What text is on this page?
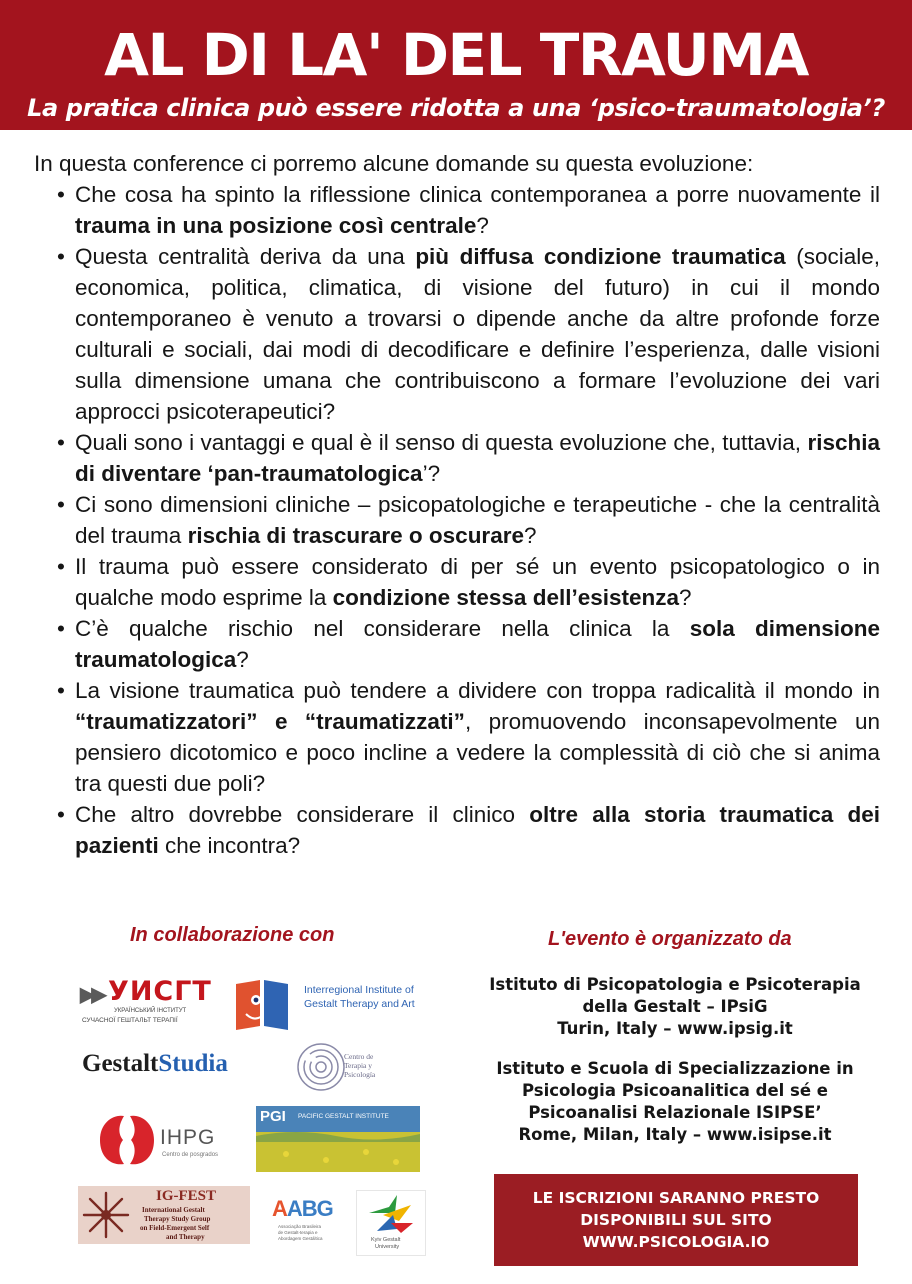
AL DI LA' DEL TRAUMA
La pratica clinica può essere ridotta a una ‘psico-traumatologia’?

In questa conference ci porremo alcune domande su questa evoluzione:

• Che cosa ha spinto la riflessione clinica contemporanea a porre nuovamente il trauma in una posizione così centrale?
• Questa centralità deriva da una più diffusa condizione traumatica (sociale, economica, politica, climatica, di visione del futuro) in cui il mondo contemporaneo è venuto a trovarsi o dipende anche da altre profonde forze culturali e sociali, dai modi di decodificare e definire l’esperienza, dalle visioni sulla dimensione umana che contribuiscono a formare l’evoluzione dei vari approcci psicoterapeutici?
• Quali sono i vantaggi e qual è il senso di questa evoluzione che, tuttavia, rischia di diventare ‘pan-traumatologica’?
• Ci sono dimensioni cliniche – psicopatologiche e terapeutiche - che la centralità del trauma rischia di trascurare o oscurare?
• Il trauma può essere considerato di per sé un evento psicopatologico o in qualche modo esprime la condizione stessa dell’esistenza?
• C’è qualche rischio nel considerare nella clinica la sola dimensione traumatologica?
• La visione traumatica può tendere a dividere con troppa radicalità il mondo in “traumatizzatori” e “traumatizzati”, promuovendo inconsapevolmente un pensiero dicotomico e poco incline a vedere la complessità di ciò che si anima tra questi due poli?
• Che altro dovrebbe considerare il clinico oltre alla storia traumatica dei pazienti che incontra?
In collaborazione con
▶▶ УИСГТ
УКРАЇНСЬКИЙ ІНСТИТУТ
СУЧАСНОЇ ГЕШТАЛЬТ ТЕРАПІЇ
Interregional Institute of
Gestalt Therapy and Art
GestaltStudia	Centro de
Terapia y
Psicología
IHPG
Centro de posgrados
PGI PACIFIC GESTALT INSTITUTE
IG-FEST
International Gestalt
Therapy Study Group
on Field-Emergent Self
and Therapy
AABG
Associação Brasileira
de Gestalt-terapia e
Abordagem Gestáltica	Kyiv Gestalt
University
L'evento è organizzato da
Istituto di Psicopatologia e Psicoterapia
della Gestalt – IPsiG
Turin, Italy – www.ipsig.it
Istituto e Scuola di Specializzazione in
Psicologia Psicoanalitica del sé e
Psicoanalisi Relazionale ISIPSE’
Rome, Milan, Italy – www.isipse.it
LE ISCRIZIONI SARANNO PRESTO
DISPONIBILI SUL SITO
WWW.PSICOLOGIA.IO
